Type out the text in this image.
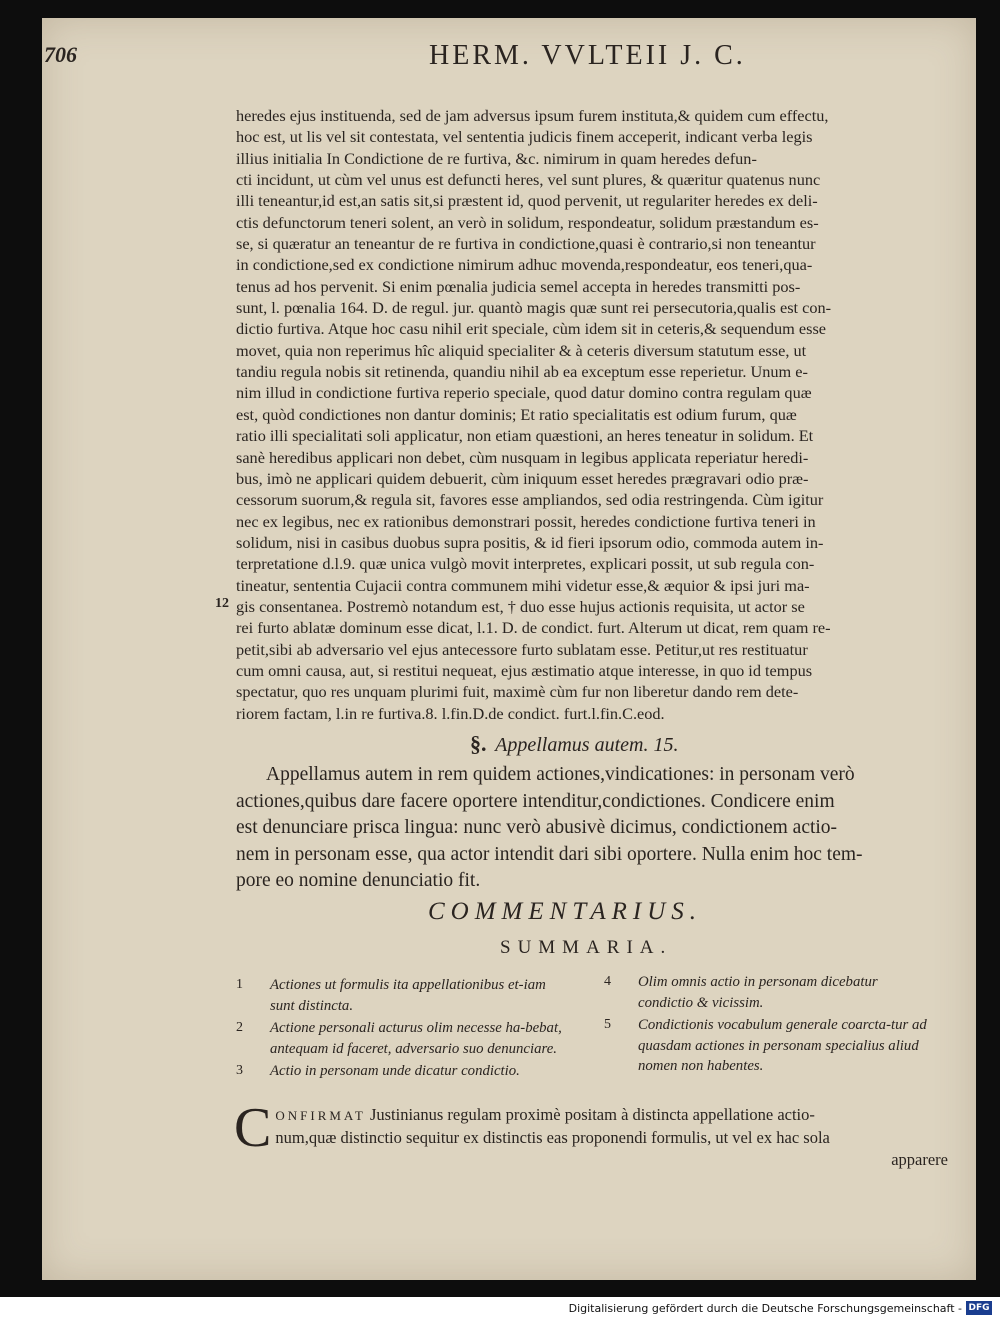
706	HERM. VVLTEII J. C.

heredes ejus instituenda, sed de jam adversus ipsum furem instituta,& quidem cum effectu,

hoc est, ut lis vel sit contestata, vel sententia judicis finem acceperit, indicant verba legis

illius initialia In Condictione de re furtiva, &c. nimirum in quam heredes defun-

cti incidunt, ut cùm vel unus est defuncti heres, vel sunt plures, & quæritur quatenus nunc

illi teneantur,id est,an satis sit,si præstent id, quod pervenit, ut regulariter heredes ex deli-

ctis defunctorum teneri solent, an verò in solidum, respondeatur, solidum præstandum es-

se, si quæratur an teneantur de re furtiva in condictione,quasi è contrario,si non teneantur

in condictione,sed ex condictione nimirum adhuc movenda,respondeatur, eos teneri,qua-

tenus ad hos pervenit. Si enim pœnalia judicia semel accepta in heredes transmitti pos-

sunt, l. pœnalia 164. D. de regul. jur. quantò magis quæ sunt rei persecutoria,qualis est con-

dictio furtiva. Atque hoc casu nihil erit speciale, cùm idem sit in ceteris,& sequendum esse

movet, quia non reperimus hîc aliquid specialiter & à ceteris diversum statutum esse, ut

tandiu regula nobis sit retinenda, quandiu nihil ab ea exceptum esse reperietur. Unum e-

nim illud in condictione furtiva reperio speciale, quod datur domino contra regulam quæ

est, quòd condictiones non dantur dominis; Et ratio specialitatis est odium furum, quæ

ratio illi specialitati soli applicatur, non etiam quæstioni, an heres teneatur in solidum. Et

sanè heredibus applicari non debet, cùm nusquam in legibus applicata reperiatur heredi-

bus, imò ne applicari quidem debuerit, cùm iniquum esset heredes prægravari odio præ-

cessorum suorum,& regula sit, favores esse ampliandos, sed odia restringenda. Cùm igitur

nec ex legibus, nec ex rationibus demonstrari possit, heredes condictione furtiva teneri in

solidum, nisi in casibus duobus supra positis, & id fieri ipsorum odio, commoda autem in-

terpretatione d.l.9. quæ unica vulgò movit interpretes, explicari possit, ut sub regula con-

tineatur, sententia Cujacii contra communem mihi videtur esse,& æquior & ipsi juri ma-

gis consentanea. Postremò notandum est, † duo esse hujus actionis requisita, ut actor se

rei furto ablatæ dominum esse dicat, l.1. D. de condict. furt. Alterum ut dicat, rem quam re-

petit,sibi ab adversario vel ejus antecessore furto sublatam esse. Petitur,ut res restituatur

cum omni causa, aut, si restitui nequeat, ejus æstimatio atque interesse, in quo id tempus

spectatur, quo res unquam plurimi fuit, maximè cùm fur non liberetur dando rem dete-

riorem factam, l.in re furtiva.8. l.fin.D.de condict. furt.l.fin.C.eod.

12
§. Appellamus autem. 15.

Appellamus autem in rem quidem actiones,vindicationes: in personam verò

actiones,quibus dare facere oportere intenditur,condictiones. Condicere enim

est denunciare prisca lingua: nunc verò abusivè dicimus, condictionem actio-

nem in personam esse, qua actor intendit dari sibi oportere. Nulla enim hoc tem-

pore eo nomine denunciatio fit.

COMMENTARIUS.
SUMMARIA.
1 Actiones ut formulis ita appellationibus et-iam sunt distincta.
2 Actione personali acturus olim necesse ha-bebat, antequam id faceret, adversario suo denunciare.
3 Actio in personam unde dicatur condictio.
4 Olim omnis actio in personam dicebatur condictio & vicissim.
5 Condictionis vocabulum generale coarcta-tur ad quasdam actiones in personam specialius aliud nomen non habentes.
C ONFIRMAT Justinianus regulam proximè positam à distincta appellatione actio-
num,quæ distinctio sequitur ex distinctis eas proponendi formulis, ut vel ex hac sola
apparere
Digitalisierung gefördert durch die Deutsche Forschungsgemeinschaft - DFG
